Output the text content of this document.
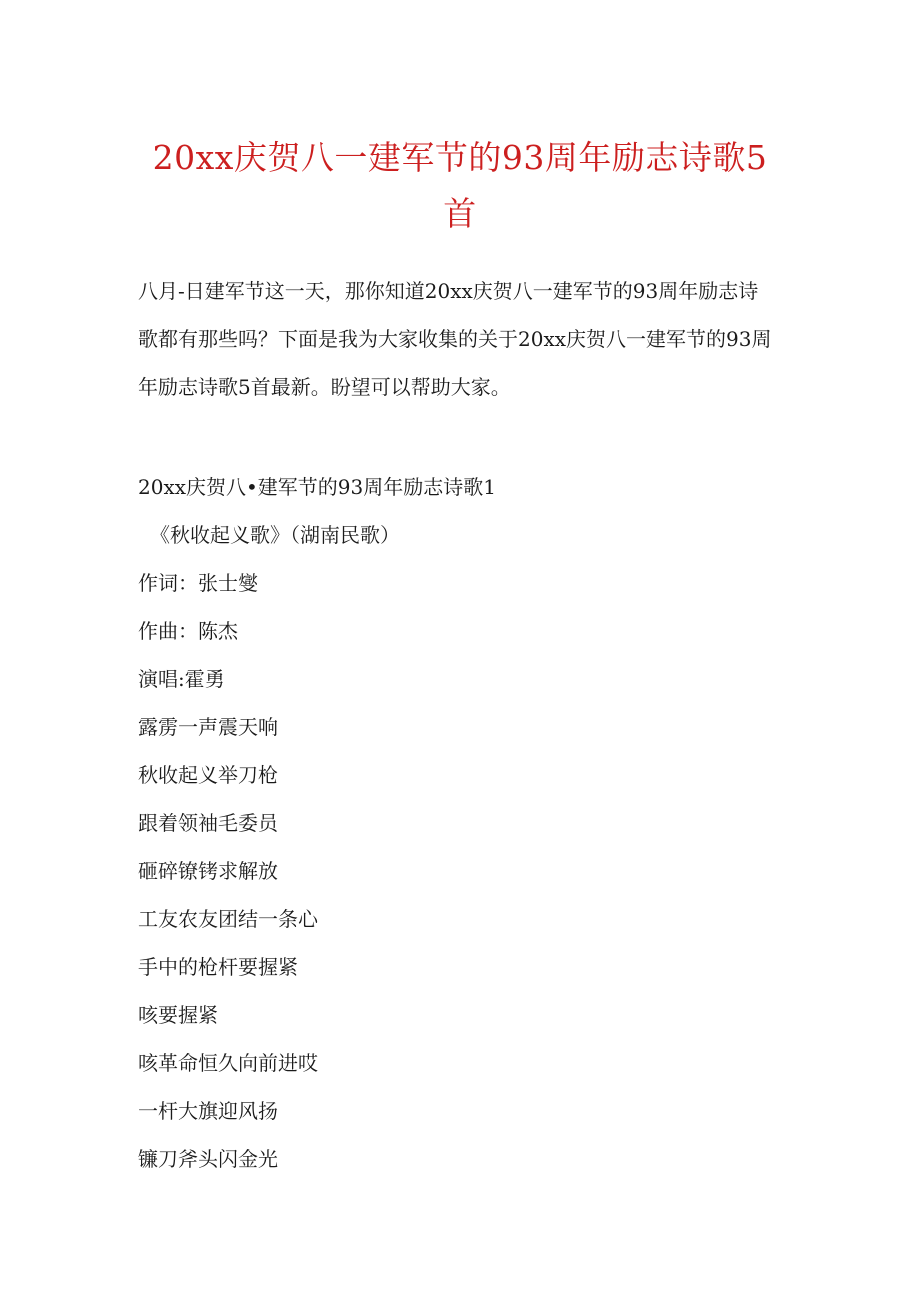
20xx庆贺八一建军节的93周年励志诗歌5
首
八月-日建军节这一天，那你知道20xx庆贺八一建军节的93周年励志诗
歌都有那些吗？下面是我为大家收集的关于20xx庆贺八一建军节的93周
年励志诗歌5首最新。盼望可以帮助大家。
20xx庆贺八•建军节的93周年励志诗歌1
《秋收起义歌》（湖南民歌）
作词：张士燮
作曲：陈杰
演唱:霍勇
露雳一声震天响
秋收起义举刀枪
跟着领袖毛委员
砸碎镣铐求解放
工友农友团结一条心
手中的枪杆要握紧
咳要握紧
咳革命恒久向前进哎
一杆大旗迎风扬
镰刀斧头闪金光
